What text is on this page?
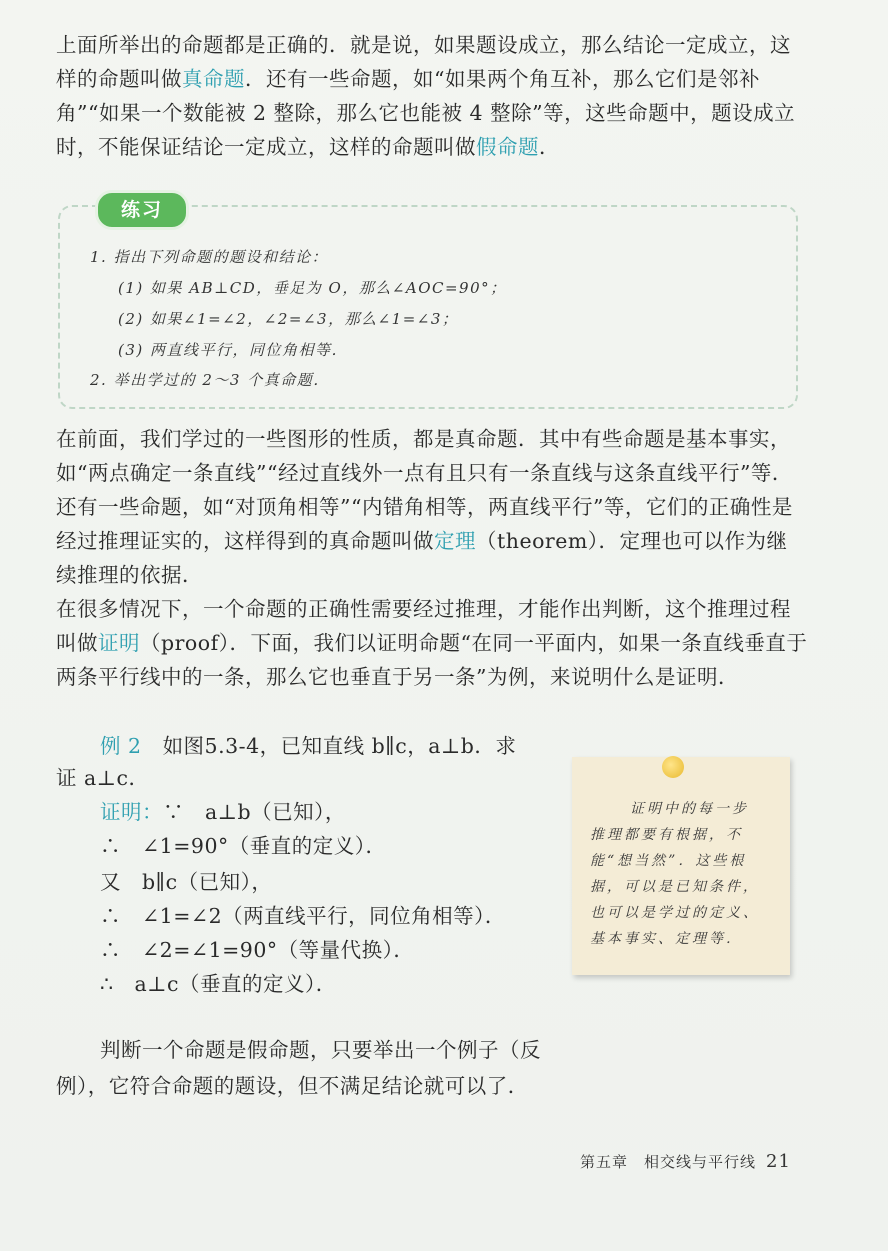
上面所举出的命题都是正确的．就是说，如果题设成立，那么结论一定成立，这样的命题叫做真命题．还有一些命题，如“如果两个角互补，那么它们是邻补角”“如果一个数能被 2 整除，那么它也能被 4 整除”等，这些命题中，题设成立时，不能保证结论一定成立，这样的命题叫做假命题．

练习
1. 指出下列命题的题设和结论：
(1) 如果 AB⊥CD，垂足为 O，那么∠AOC=90°；
(2) 如果∠1=∠2，∠2=∠3，那么∠1=∠3；
(3) 两直线平行，同位角相等．
2. 举出学过的 2～3 个真命题．

在前面，我们学过的一些图形的性质，都是真命题．其中有些命题是基本事实，如“两点确定一条直线”“经过直线外一点有且只有一条直线与这条直线平行”等．还有一些命题，如“对顶角相等”“内错角相等，两直线平行”等，它们的正确性是经过推理证实的，这样得到的真命题叫做定理（theorem）．定理也可以作为继续推理的依据．

在很多情况下，一个命题的正确性需要经过推理，才能作出判断，这个推理过程叫做证明（proof）．下面，我们以证明命题“在同一平面内，如果一条直线垂直于两条平行线中的一条，那么它也垂直于另一条”为例，来说明什么是证明．

例 2　 如图5.3-4，已知直线 b∥c，a⊥b．求
证 a⊥c．
证明：∵　a⊥b（已知），
∴　∠1=90°（垂直的定义）．
又　b∥c（已知），
∴　∠1=∠2（两直线平行，同位角相等）．
∴　∠2=∠1=90°（等量代换）．
∴　a⊥c（垂直的定义）．
证明中的每一步
推理都要有根据，不
能“想当然”．这些根
据，可以是已知条件，
也可以是学过的定义、
基本事实、定理等．
判断一个命题是假命题，只要举出一个例子（反
例），它符合命题的题设，但不满足结论就可以了．
第五章　相交线与平行线 21
